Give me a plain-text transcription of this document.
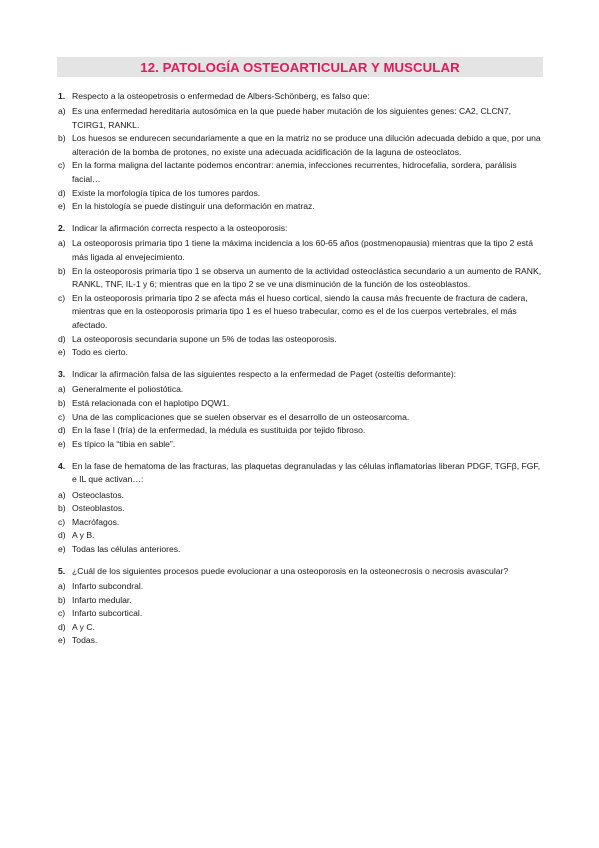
12. PATOLOGÍA OSTEOARTICULAR Y MUSCULAR
1. Respecto a la osteopetrosis o enfermedad de Albers-Schönberg, es falso que:
a) Es una enfermedad hereditaria autosómica en la que puede haber mutación de los siguientes genes: CA2, CLCN7, TCIRG1, RANKL.
b) Los huesos se endurecen secundariamente a que en la matriz no se produce una dilución adecuada debido a que, por una alteración de la bomba de protones, no existe una adecuada acidificación de la laguna de osteoclatos.
c) En la forma maligna del lactante podemos encontrar: anemia, infecciones recurrentes, hidrocefalia, sordera, parálisis facial…
d) Existe la morfología típica de los tumores pardos.
e) En la histología se puede distinguir una deformación en matraz.
2. Indicar la afirmación correcta respecto a la osteoporosis:
a) La osteoporosis primaria tipo 1 tiene la máxima incidencia a los 60-65 años (postmenopausia) mientras que la tipo 2 está más ligada al envejecimiento.
b) En la osteoporosis primaria tipo 1 se observa un aumento de la actividad osteoclástica secundario a un aumento de RANK, RANKL, TNF, IL-1 y 6; mientras que en la tipo 2 se ve una disminución de la función de los osteoblastos.
c) En la osteoporosis primaria tipo 2 se afecta más el hueso cortical, siendo la causa más frecuente de fractura de cadera, mientras que en la osteoporosis primaria tipo 1 es el hueso trabecular, como es el de los cuerpos vertebrales, el más afectado.
d) La osteoporosis secundaria supone un 5% de todas las osteoporosis.
e) Todo es cierto.
3. Indicar la afirmación falsa de las siguientes respecto a la enfermedad de Paget (osteítis deformante):
a) Generalmente el poliostótica.
b) Está relacionada con el haplotipo DQW1.
c) Una de las complicaciones que se suelen observar es el desarrollo de un osteosarcoma.
d) En la fase I (fría) de la enfermedad, la médula es sustituida por tejido fibroso.
e) Es típico la “tibia en sable”.
4. En la fase de hematoma de las fracturas, las plaquetas degranuladas y las células inflamatorias liberan PDGF, TGFβ, FGF, e IL que activan…:
a) Osteoclastos.
b) Osteoblastos.
c) Macrófagos.
d) A y B.
e) Todas las células anteriores.
5. ¿Cuál de los siguientes procesos puede evolucionar a una osteoporosis en la osteonecrosis o necrosis avascular?
a) Infarto subcondral.
b) Infarto medular.
c) Infarto subcortical.
d) A y C.
e) Todas.
